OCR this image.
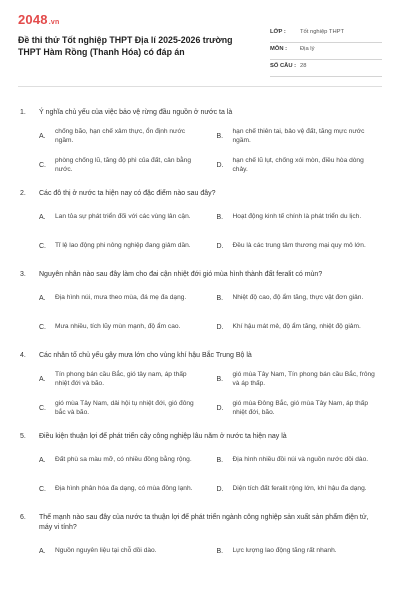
2048.vn
Đề thi thử Tốt nghiệp THPT Địa lí 2025-2026 trường THPT Hàm Rồng (Thanh Hóa) có đáp án
LỚP : Tốt nghiệp THPT
MÔN : Địa lý
SỐ CÂU : 28
1. Ý nghĩa chủ yếu của việc bảo vệ rừng đầu nguồn ở nước ta là
A.
chống bão, hạn chế xâm thực, ổn định nước ngầm.
B.
hạn chế thiên tai, bảo vệ đất, tăng mực nước ngầm.
C.
phòng chống lũ, tăng độ phì của đất, cân bằng nước.
D.
hạn chế lũ lụt, chống xói mòn, điều hòa dòng chảy.
2. Các đô thị ở nước ta hiện nay có đặc điểm nào sau đây?
A.	Lan tỏa sự phát triển đối với các vùng lân cận.	B.	Hoạt động kinh tế chính là phát triển du lịch.
C.	Tỉ lệ lao động phi nông nghiệp đang giảm dần.	D.	Đều là các trung tâm thương mại quy mô lớn.
3. Nguyên nhân nào sau đây làm cho đai cận nhiệt đới gió mùa hình thành đất feralit có mùn?
A.	Địa hình núi, mưa theo mùa, đá mẹ đa dạng.	B.	Nhiệt độ cao, độ ẩm tăng, thực vật đơn giản.
C.	Mưa nhiều, tích lũy mùn mạnh, độ ẩm cao.	D.	Khí hậu mát mẻ, độ ẩm tăng, nhiệt độ giảm.
4. Các nhân tố chủ yếu gây mưa lớn cho vùng khí hậu Bắc Trung Bộ là
A.
Tín phong bán cầu Bắc, gió tây nam, áp thấp nhiệt đới và bão.
B.
gió mùa Tây Nam, Tín phong bán cầu Bắc, frông và áp thấp.
C.
gió mùa Tây Nam, dải hội tụ nhiệt đới, gió đông bắc và bão.
D.
gió mùa Đông Bắc, gió mùa Tây Nam, áp thấp nhiệt đới, bão.
5. Điều kiện thuận lợi để phát triển cây công nghiệp lâu năm ở nước ta hiện nay là
A.	Đất phù sa màu mỡ, có nhiều đồng bằng rộng.	B.	Địa hình nhiều đồi núi và nguồn nước dồi dào.
C.	Địa hình phân hóa đa dạng, có mùa đông lạnh.	D.	Diện tích đất feralit rộng lớn, khí hậu đa dạng.
6. Thế mạnh nào sau đây của nước ta thuận lợi để phát triển ngành công nghiệp sản xuất sản phẩm điện tử, máy vi tính?
A.	Nguồn nguyên liệu tại chỗ dồi dào.	B.	Lực lượng lao động tăng rất nhanh.
